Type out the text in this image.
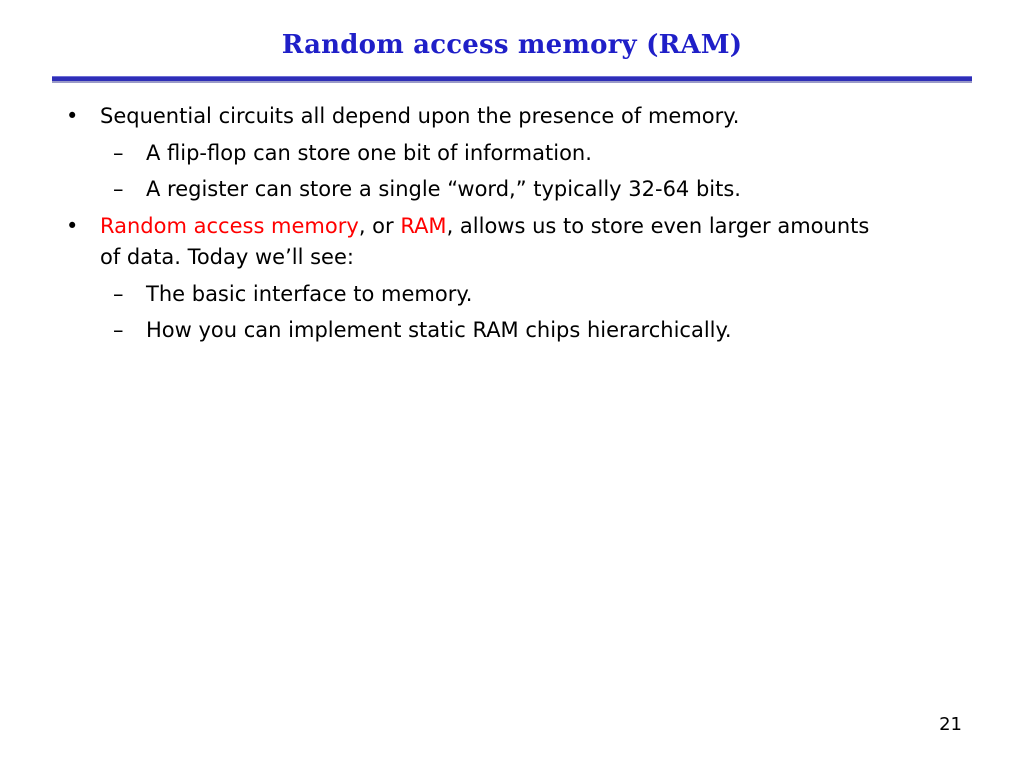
Random access memory (RAM)
• Sequential circuits all depend upon the presence of memory.
–	A flip-flop can store one bit of information.
–	A register can store a single “word,” typically 32-64 bits.
• Random access memory, or RAM, allows us to store even larger amounts
of data. Today we’ll see:
–	The basic interface to memory.
–	How you can implement static RAM chips hierarchically.
21
